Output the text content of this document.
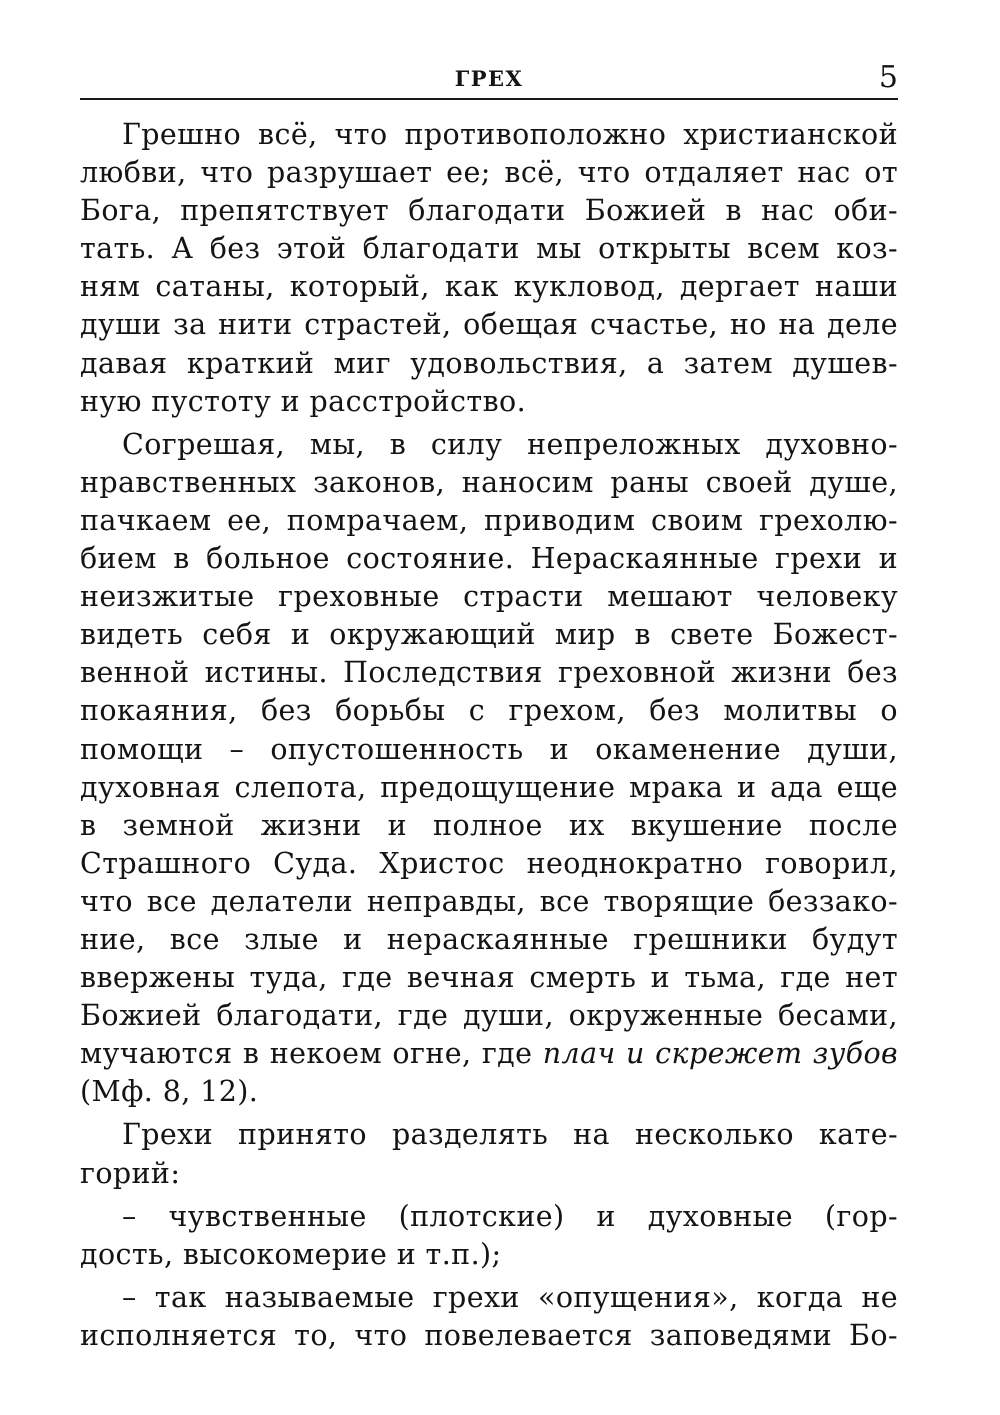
ГРЕХ	5
Грешно всё, что противоположно христианской
любви, что разрушает ее; всё, что отдаляет нас от
Бога, препятствует благодати Божией в нас оби-
тать. А без этой благодати мы открыты всем коз-
ням сатаны, который, как кукловод, дергает наши
души за нити страстей, обещая счастье, но на деле
давая краткий миг удовольствия, а затем душев-
ную пустоту и расстройство.
Согрешая, мы, в силу непреложных духовно-
нравственных законов, наносим раны своей душе,
пачкаем ее, помрачаем, приводим своим грехолю-
бием в больное состояние. Нераскаянные грехи и
неизжитые греховные страсти мешают человеку
видеть себя и окружающий мир в свете Божест-
венной истины. Последствия греховной жизни без
покаяния, без борьбы с грехом, без молитвы о
помощи – опустошенность и окаменение души,
духовная слепота, предощущение мрака и ада еще
в земной жизни и полное их вкушение после
Страшного Суда. Христос неоднократно говорил,
что все делатели неправды, все творящие беззако-
ние, все злые и нераскаянные грешники будут
ввержены туда, где вечная смерть и тьма, где нет
Божией благодати, где души, окруженные бесами,
мучаются в некоем огне, где плач и скрежет зубов
(Мф. 8, 12).
Грехи принято разделять на несколько кате-
горий:
– чувственные (плотские) и духовные (гор-
дость, высокомерие и т.п.);
– так называемые грехи «опущения», когда не
исполняется то, что повелевается заповедями Бо-
